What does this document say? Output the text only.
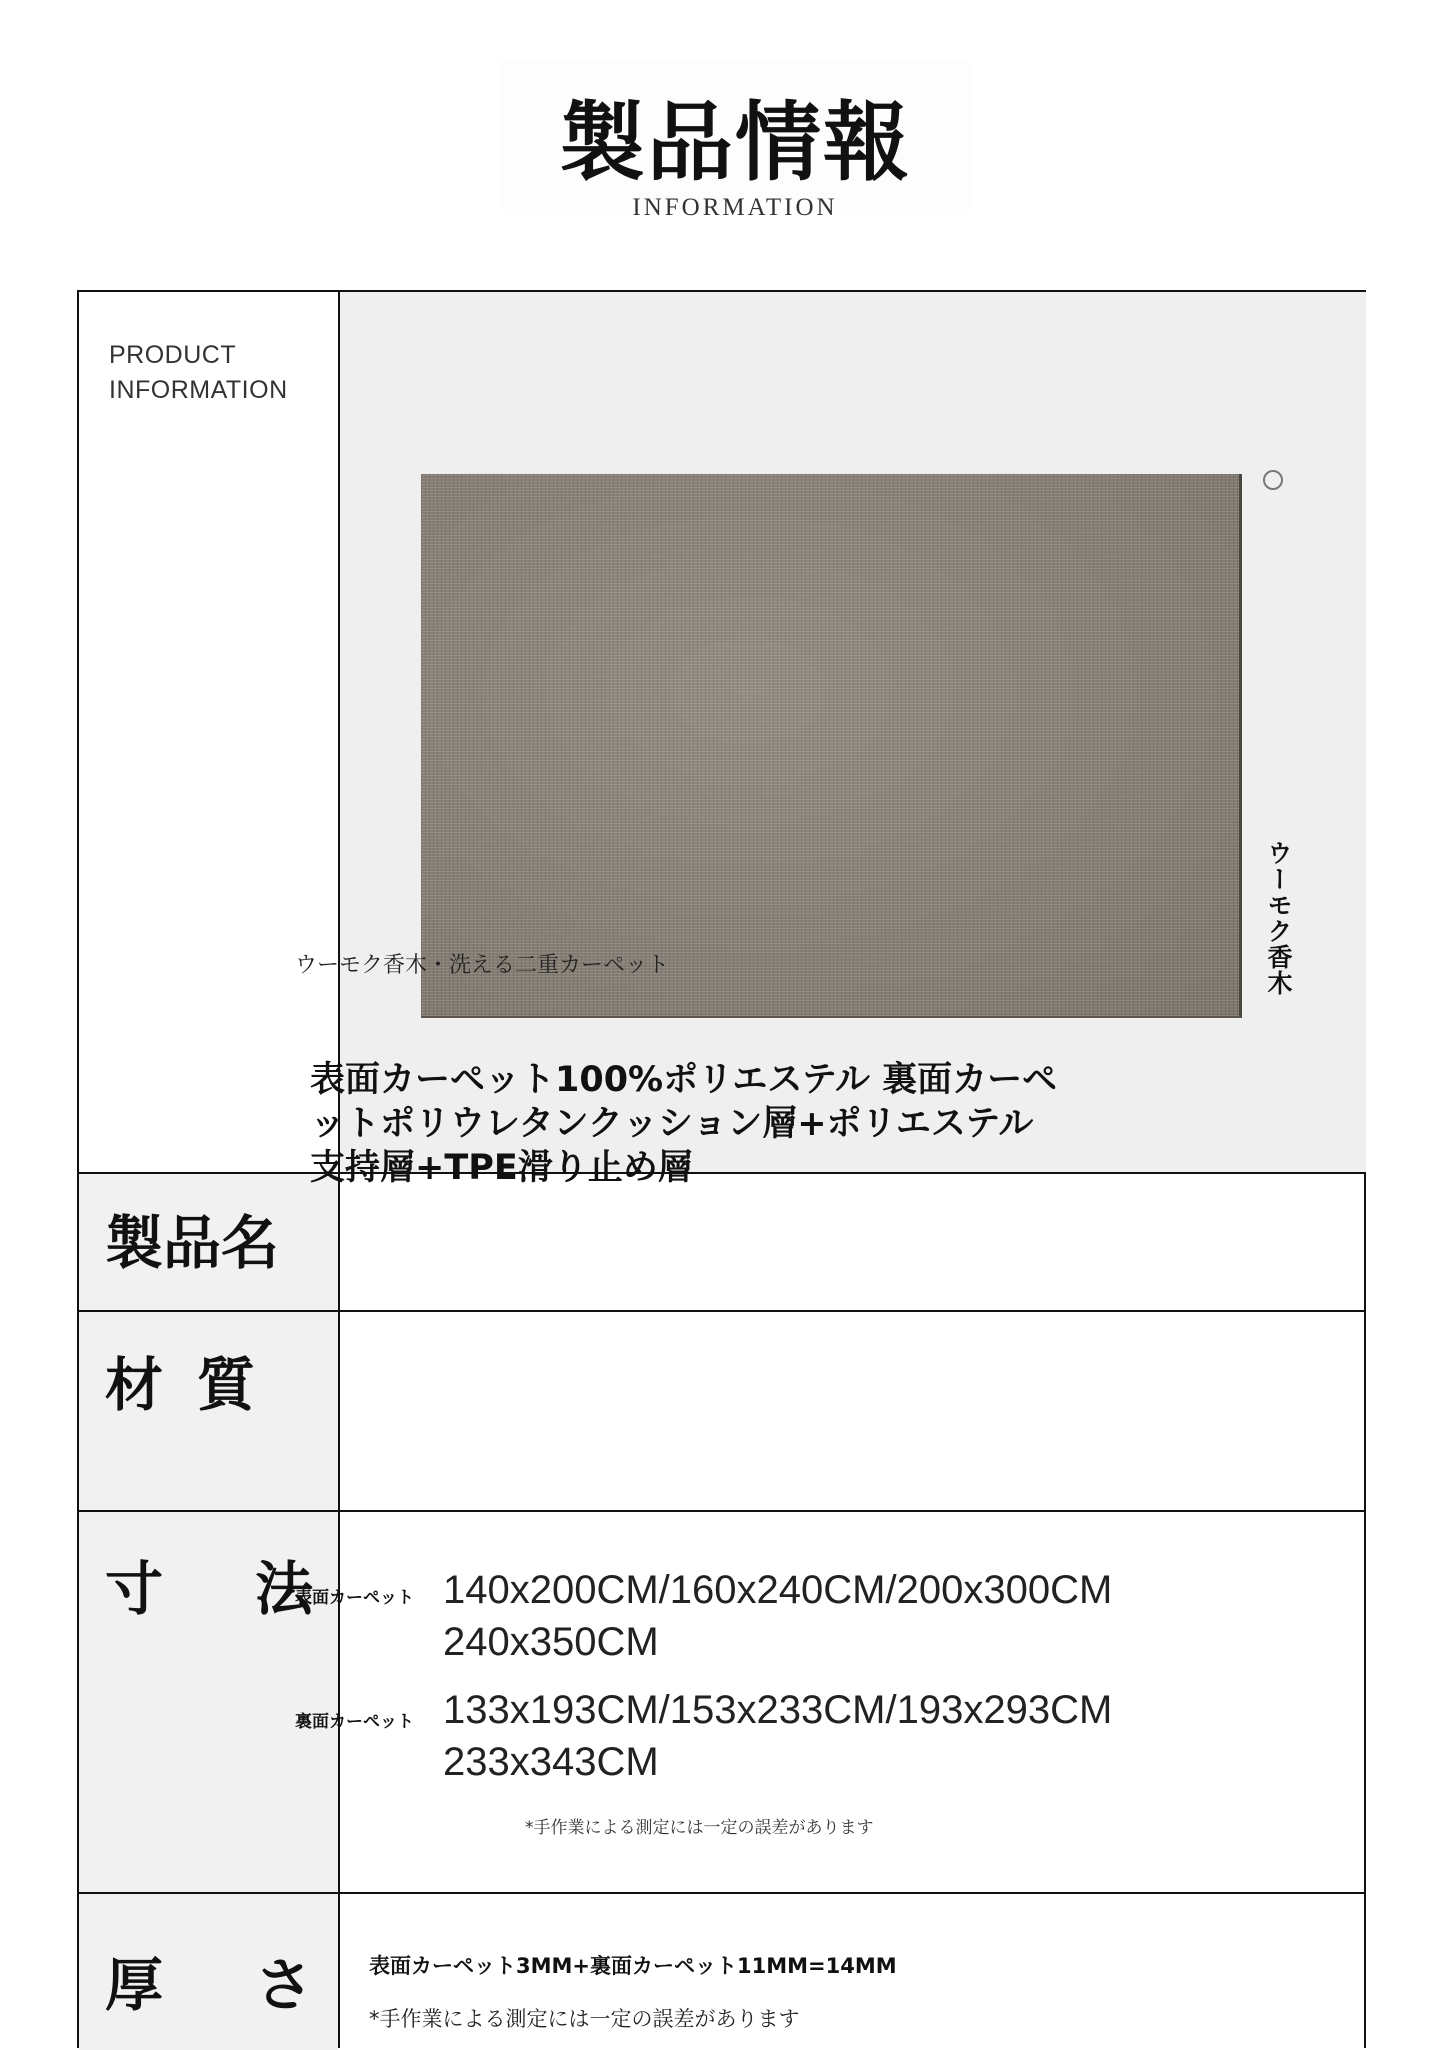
製品情報
INFORMATION
PRODUCT
INFORMATION
製品名
材 質
寸 法
厚 さ
ウーモク香木
ウーモク香木・洗える二重カーペット
表面カーペット100%ポリエステル 裏面カーペ
ットポリウレタンクッション層+ポリエステル
支持層+TPE滑り止め層
表面カーペット 140x200CM/160x240CM/200x300CM
240x350CM
裏面カーペット 133x193CM/153x233CM/193x293CM
233x343CM
*手作業による測定には一定の誤差があります
表面カーペット3MM+裏面カーペット11MM=14MM
*手作業による測定には一定の誤差があります
